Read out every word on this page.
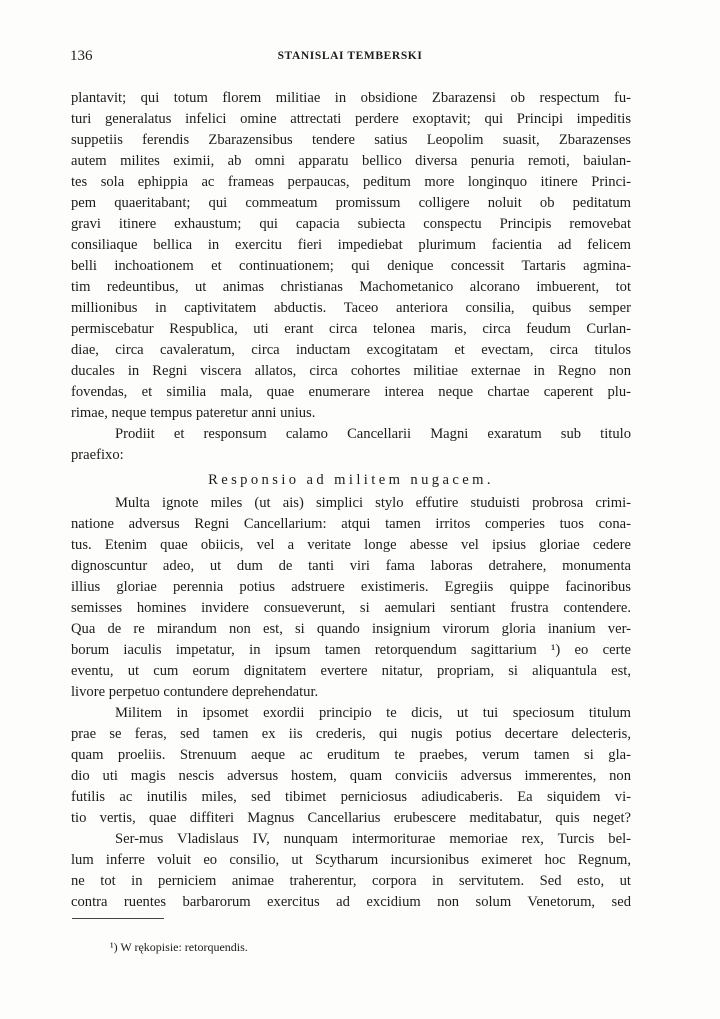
136	STANISLAI TEMBERSKI
plantavit; qui totum florem militiae in obsidione Zbarazensi ob respectum fu-
turi generalatus infelici omine attrectati perdere exoptavit; qui Principi impeditis
suppetiis ferendis Zbarazensibus tendere satius Leopolim suasit, Zbarazenses
autem milites eximii, ab omni apparatu bellico diversa penuria remoti, baiulan-
tes sola ephippia ac frameas perpaucas, peditum more longinquo itinere Princi-
pem quaeritabant; qui commeatum promissum colligere noluit ob peditatum
gravi itinere exhaustum; qui capacia subiecta conspectu Principis removebat
consiliaque bellica in exercitu fieri impediebat plurimum facientia ad felicem
belli inchoationem et continuationem; qui denique concessit Tartaris agmina-
tim redeuntibus, ut animas christianas Machometanico alcorano imbuerent, tot
millionibus in captivitatem abductis. Taceo anteriora consilia, quibus semper
permiscebatur Respublica, uti erant circa telonea maris, circa feudum Curlan-
diae, circa cavaleratum, circa inductam excogitatam et evectam, circa titulos
ducales in Regni viscera allatos, circa cohortes militiae externae in Regno non
fovendas, et similia mala, quae enumerare interea neque chartae caperent plu-
rimae, neque tempus pateretur anni unius.
Prodiit et responsum calamo Cancellarii Magni exaratum sub titulo
praefixo:
Responsio ad militem nugacem.
Multa ignote miles (ut ais) simplici stylo effutire studuisti probrosa crimi-
natione adversus Regni Cancellarium: atqui tamen irritos comperies tuos cona-
tus. Etenim quae obiicis, vel a veritate longe abesse vel ipsius gloriae cedere
dignoscuntur adeo, ut dum de tanti viri fama laboras detrahere, monumenta
illius gloriae perennia potius adstruere existimeris. Egregiis quippe facinoribus
semisses homines invidere consueverunt, si aemulari sentiant frustra contendere.
Qua de re mirandum non est, si quando insignium virorum gloria inanium ver-
borum iaculis impetatur, in ipsum tamen retorquendum sagittarium ¹) eo certe
eventu, ut cum eorum dignitatem evertere nitatur, propriam, si aliquantula est,
livore perpetuo contundere deprehendatur.
Militem in ipsomet exordii principio te dicis, ut tui speciosum titulum
prae se feras, sed tamen ex iis crederis, qui nugis potius decertare delecteris,
quam proeliis. Strenuum aeque ac eruditum te praebes, verum tamen si gla-
dio uti magis nescis adversus hostem, quam conviciis adversus immerentes, non
futilis ac inutilis miles, sed tibimet perniciosus adiudicaberis. Ea siquidem vi-
tio vertis, quae diffiteri Magnus Cancellarius erubescere meditabatur, quis neget?
Ser-mus Vladislaus IV, nunquam intermoriturae memoriae rex, Turcis bel-
lum inferre voluit eo consilio, ut Scytharum incursionibus eximeret hoc Regnum,
ne tot in perniciem animae traherentur, corpora in servitutem. Sed esto, ut
contra ruentes barbarorum exercitus ad excidium non solum Venetorum, sed
¹) W rękopisie: retorquendis.
